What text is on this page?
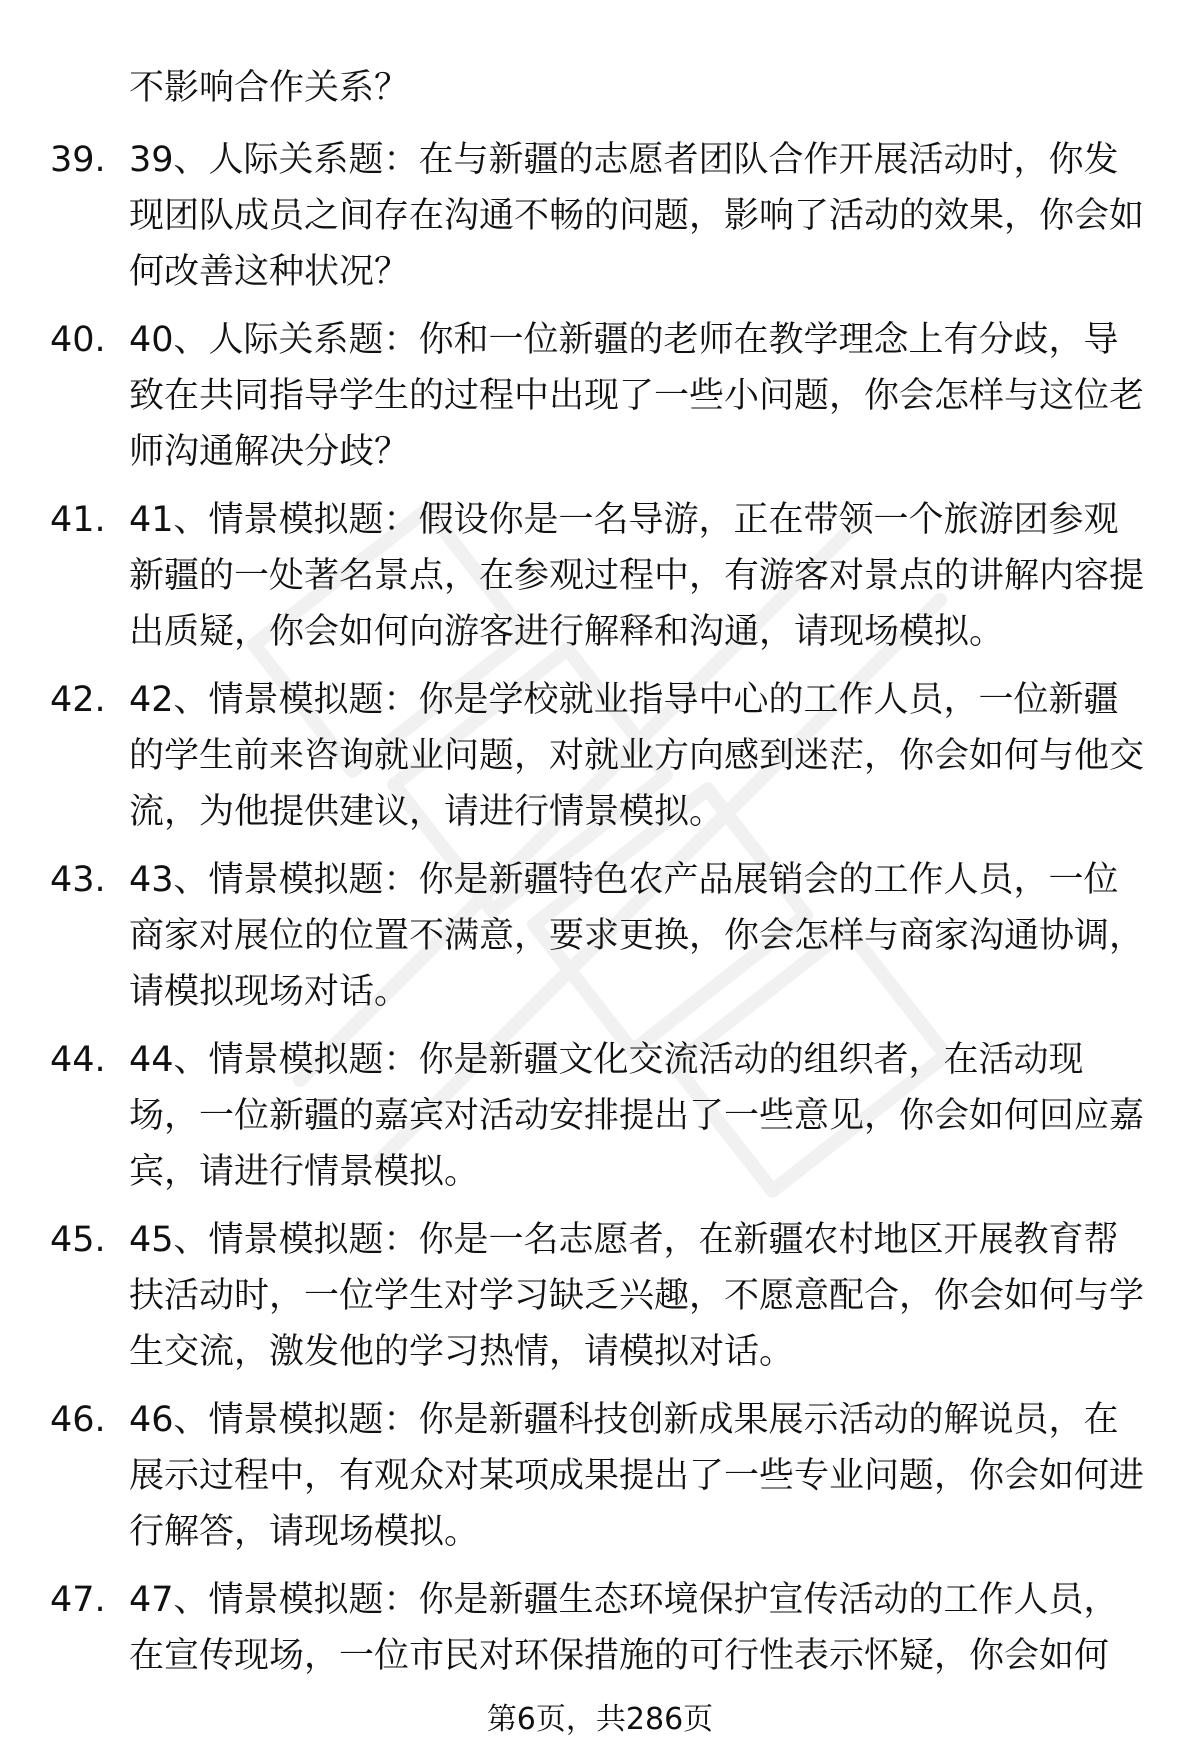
不影响合作关系？
39. 39、人际关系题：在与新疆的志愿者团队合作开展活动时，你发现团队成员之间存在沟通不畅的问题，影响了活动的效果，你会如何改善这种状况？

40. 40、人际关系题：你和一位新疆的老师在教学理念上有分歧，导致在共同指导学生的过程中出现了一些小问题，你会怎样与这位老师沟通解决分歧？

41. 41、情景模拟题：假设你是一名导游，正在带领一个旅游团参观新疆的一处著名景点，在参观过程中，有游客对景点的讲解内容提出质疑，你会如何向游客进行解释和沟通，请现场模拟。

42. 42、情景模拟题：你是学校就业指导中心的工作人员，一位新疆的学生前来咨询就业问题，对就业方向感到迷茫，你会如何与他交流，为他提供建议，请进行情景模拟。

43. 43、情景模拟题：你是新疆特色农产品展销会的工作人员，一位商家对展位的位置不满意，要求更换，你会怎样与商家沟通协调，请模拟现场对话。

44. 44、情景模拟题：你是新疆文化交流活动的组织者，在活动现场，一位新疆的嘉宾对活动安排提出了一些意见，你会如何回应嘉宾，请进行情景模拟。

45. 45、情景模拟题：你是一名志愿者，在新疆农村地区开展教育帮扶活动时，一位学生对学习缺乏兴趣，不愿意配合，你会如何与学生交流，激发他的学习热情，请模拟对话。

46. 46、情景模拟题：你是新疆科技创新成果展示活动的解说员，在展示过程中，有观众对某项成果提出了一些专业问题，你会如何进行解答，请现场模拟。

47. 47、情景模拟题：你是新疆生态环境保护宣传活动的工作人员，在宣传现场，一位市民对环保措施的可行性表示怀疑，你会如何

第6页，共286页
